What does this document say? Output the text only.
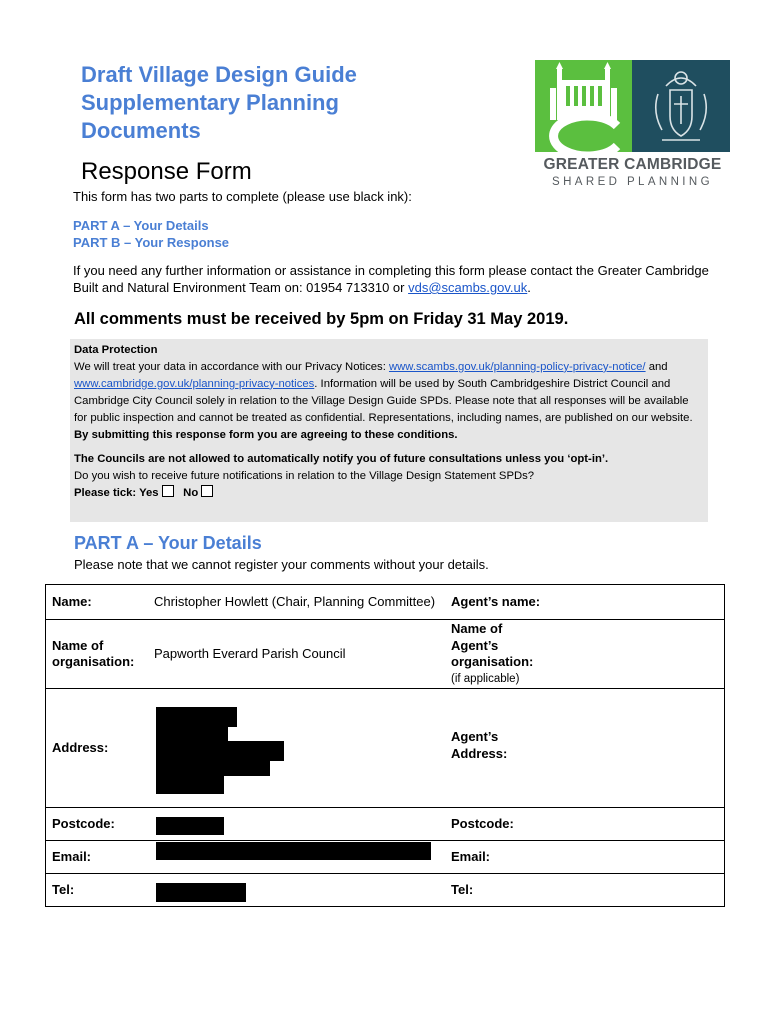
Draft Village Design Guide Supplementary Planning Documents
Response Form	GREATER CAMBRIDGE
SHARED PLANNING
This form has two parts to complete (please use black ink):
PART A – Your Details
PART B – Your Response
If you need any further information or assistance in completing this form please contact the Greater Cambridge Built and Natural Environment Team on: 01954 713310 or vds@scambs.gov.uk.
All comments must be received by 5pm on Friday 31 May 2019.
Data Protection
We will treat your data in accordance with our Privacy Notices: www.scambs.gov.uk/planning-policy-privacy-notice/ and www.cambridge.gov.uk/planning-privacy-notices. Information will be used by South Cambridgeshire District Council and Cambridge City Council solely in relation to the Village Design Guide SPDs. Please note that all responses will be available for public inspection and cannot be treated as confidential. Representations, including names, are published on our website.
By submitting this response form you are agreeing to these conditions.
The Councils are not allowed to automatically notify you of future consultations unless you ‘opt-in’.
Do you wish to receive future notifications in relation to the Village Design Statement SPDs?
Please tick: Yes No
PART A – Your Details
Please note that we cannot register your comments without your details.
Name:	Christopher Howlett (Chair, Planning Committee)	Agent’s name:	
Name of organisation:	Papworth Everard Parish Council	Name of Agent’s organisation:
(if applicable)	

Address:		Agent’s Address:	
Postcode:		Postcode:	
Email:		Email:	
Tel:		Tel:	
